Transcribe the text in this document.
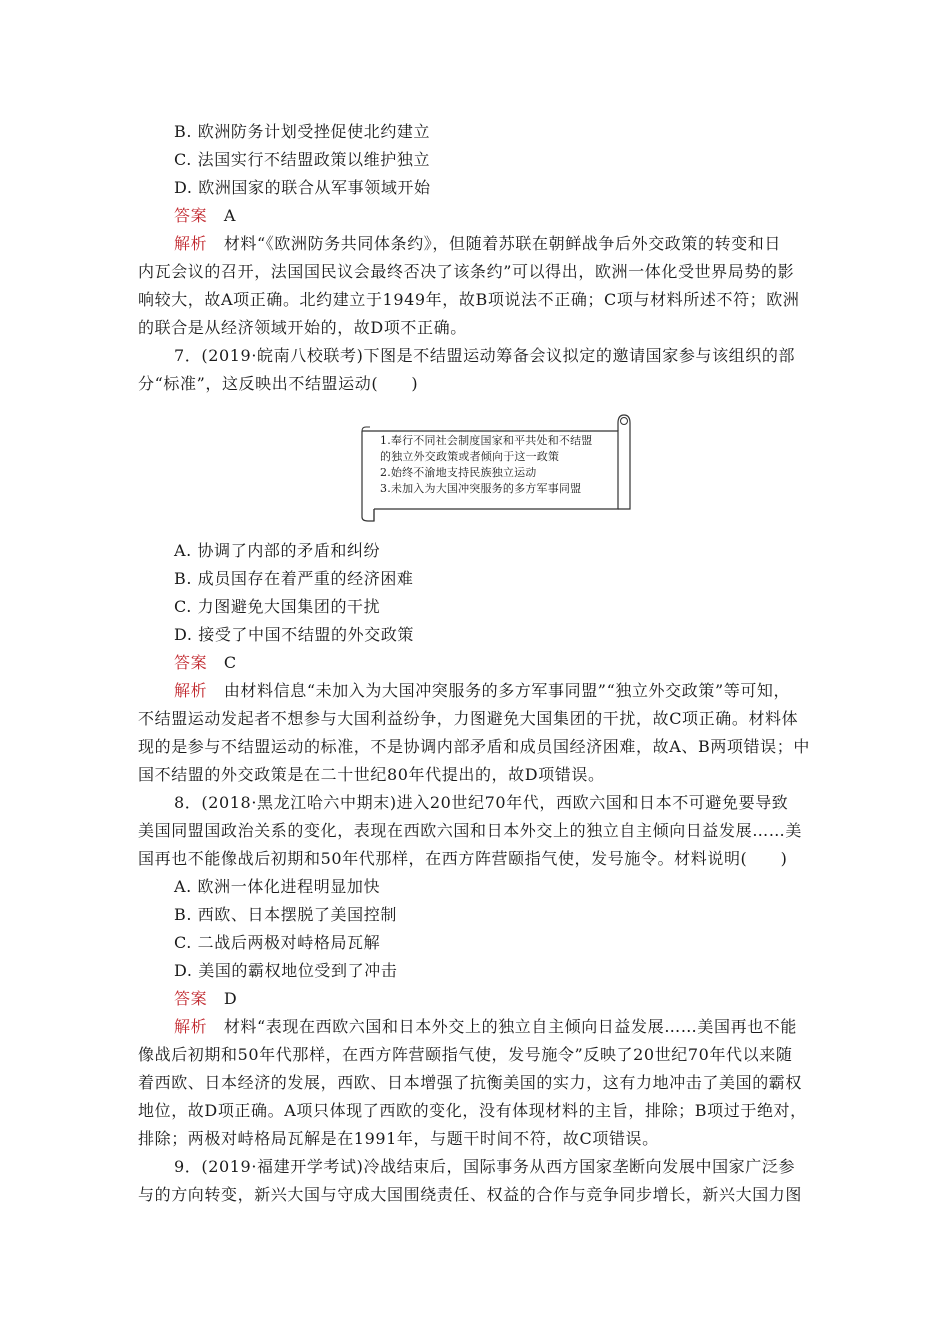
B. 欧洲防务计划受挫促使北约建立
C. 法国实行不结盟政策以维护独立
D. 欧洲国家的联合从军事领域开始
答案　 A
解析　 材料“《欧洲防务共同体条约》，但随着苏联在朝鲜战争后外交政策的转变和日
内瓦会议的召开，法国国民议会最终否决了该条约”可以得出，欧洲一体化受世界局势的影
响较大，故A项正确。北约建立于1949年，故B项说法不正确；C项与材料所述不符；欧洲
的联合是从经济领域开始的，故D项不正确。
7．(2019·皖南八校联考)下图是不结盟运动筹备会议拟定的邀请国家参与该组织的部
分“标准”，这反映出不结盟运动(　　)
1.奉行不同社会制度国家和平共处和不结盟
的独立外交政策或者倾向于这一政策
2.始终不渝地支持民族独立运动
3.未加入为大国冲突服务的多方军事同盟
A. 协调了内部的矛盾和纠纷
B. 成员国存在着严重的经济困难
C. 力图避免大国集团的干扰
D. 接受了中国不结盟的外交政策
答案　 C
解析　 由材料信息“未加入为大国冲突服务的多方军事同盟”“独立外交政策”等可知，
不结盟运动发起者不想参与大国利益纷争，力图避免大国集团的干扰，故C项正确。材料体
现的是参与不结盟运动的标准，不是协调内部矛盾和成员国经济困难，故A、B两项错误；中
国不结盟的外交政策是在二十世纪80年代提出的，故D项错误。
8．(2018·黑龙江哈六中期末)进入20世纪70年代，西欧六国和日本不可避免要导致
美国同盟国政治关系的变化，表现在西欧六国和日本外交上的独立自主倾向日益发展……美
国再也不能像战后初期和50年代那样，在西方阵营颐指气使，发号施令。材料说明(　　)
A. 欧洲一体化进程明显加快
B. 西欧、日本摆脱了美国控制
C. 二战后两极对峙格局瓦解
D. 美国的霸权地位受到了冲击
答案　 D
解析　 材料“表现在西欧六国和日本外交上的独立自主倾向日益发展……美国再也不能
像战后初期和50年代那样，在西方阵营颐指气使，发号施令”反映了20世纪70年代以来随
着西欧、日本经济的发展，西欧、日本增强了抗衡美国的实力，这有力地冲击了美国的霸权
地位，故D项正确。A项只体现了西欧的变化，没有体现材料的主旨，排除；B项过于绝对，
排除；两极对峙格局瓦解是在1991年，与题干时间不符，故C项错误。
9．(2019·福建开学考试)冷战结束后，国际事务从西方国家垄断向发展中国家广泛参
与的方向转变，新兴大国与守成大国围绕责任、权益的合作与竞争同步增长，新兴大国力图
